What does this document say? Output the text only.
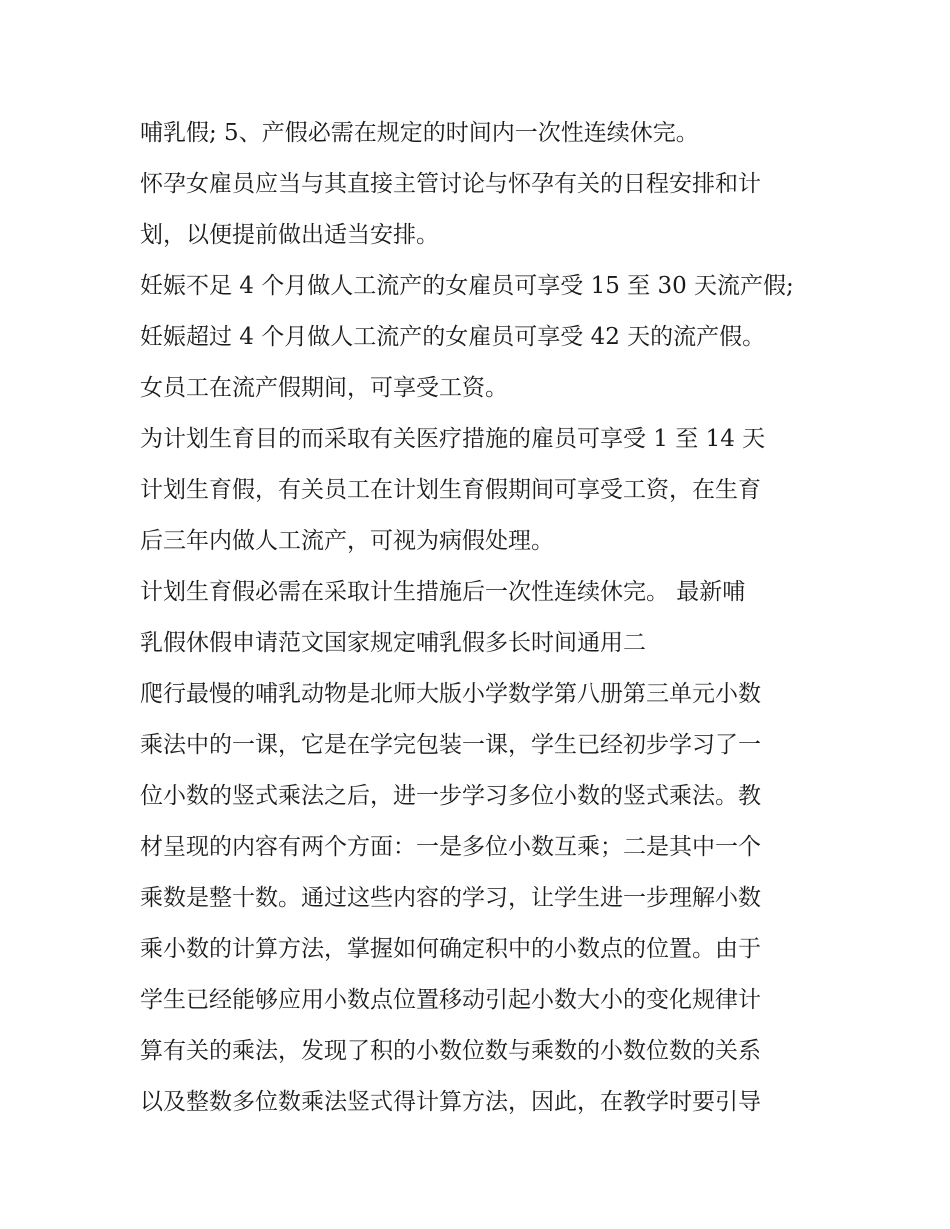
哺乳假; 5、产假必需在规定的时间内一次性连续休完。
怀孕女雇员应当与其直接主管讨论与怀孕有关的日程安排和计
划，以便提前做出适当安排。
妊娠不足 4 个月做人工流产的女雇员可享受 15 至 30 天流产假;
妊娠超过 4 个月做人工流产的女雇员可享受 42 天的流产假。
女员工在流产假期间，可享受工资。
为计划生育目的而采取有关医疗措施的雇员可享受 1 至 14 天
计划生育假，有关员工在计划生育假期间可享受工资，在生育
后三年内做人工流产，可视为病假处理。
计划生育假必需在采取计生措施后一次性连续休完。 最新哺
乳假休假申请范文国家规定哺乳假多长时间通用二
爬行最慢的哺乳动物是北师大版小学数学第八册第三单元小数
乘法中的一课，它是在学完包装一课，学生已经初步学习了一
位小数的竖式乘法之后，进一步学习多位小数的竖式乘法。教
材呈现的内容有两个方面：一是多位小数互乘；二是其中一个
乘数是整十数。通过这些内容的学习，让学生进一步理解小数
乘小数的计算方法，掌握如何确定积中的小数点的位置。由于
学生已经能够应用小数点位置移动引起小数大小的变化规律计
算有关的乘法，发现了积的小数位数与乘数的小数位数的关系
以及整数多位数乘法竖式得计算方法，因此，在教学时要引导
